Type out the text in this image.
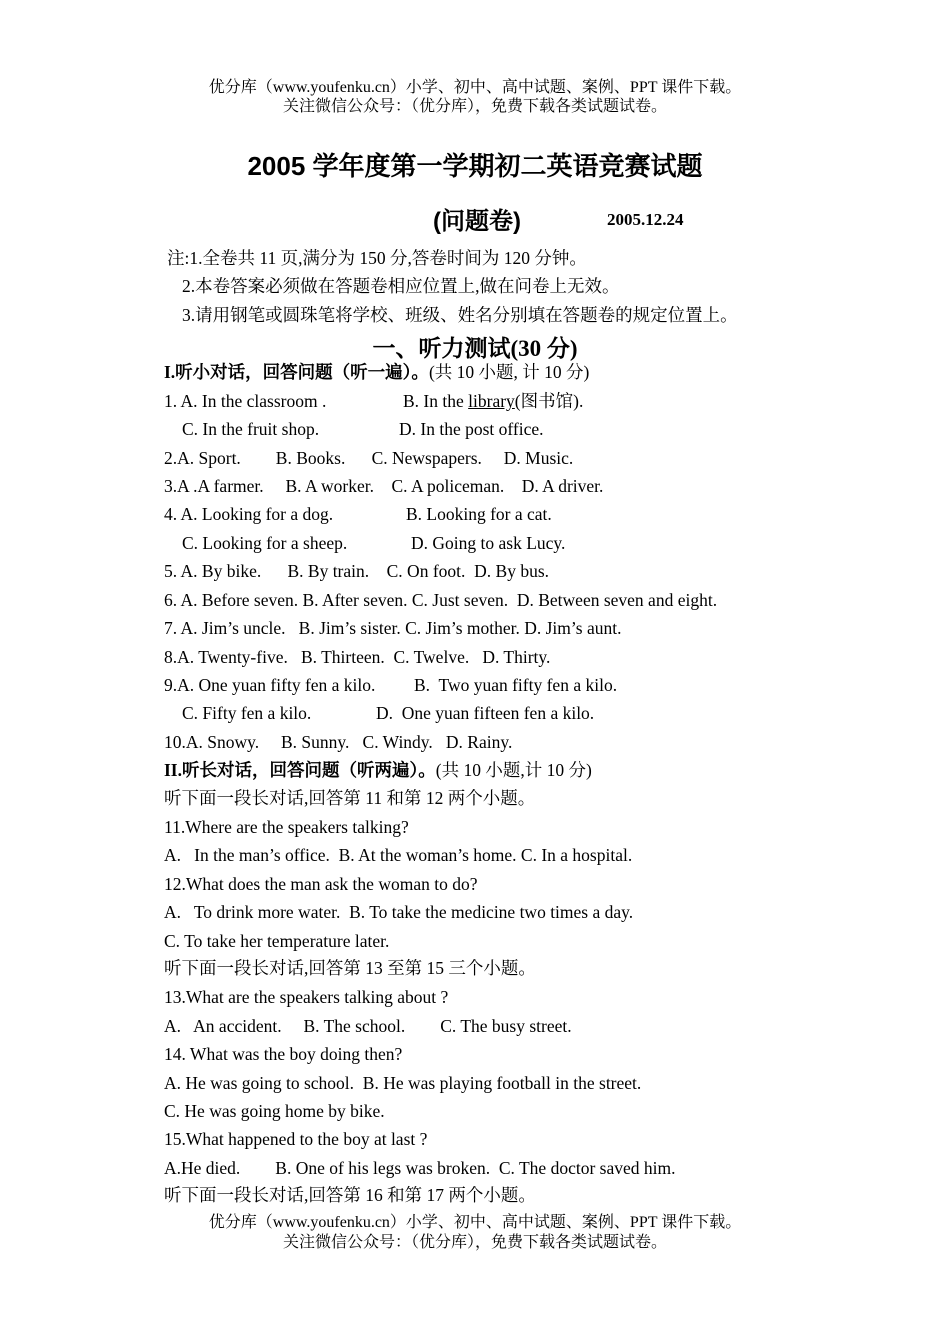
优分库（www.youfenku.cn）小学、初中、高中试题、案例、PPT 课件下载。
关注微信公众号：（优分库），免费下载各类试题试卷。
2005 学年度第一学期初二英语竞赛试题
(问题卷)	2005.12.24
注:1.全卷共 11 页,满分为 150 分,答卷时间为 120 分钟。
2.本卷答案必须做在答题卷相应位置上,做在问卷上无效。
3.请用钢笔或圆珠笔将学校、班级、姓名分别填在答题卷的规定位置上。
一、听力测试(30 分)
I.听小对话，回答问题（听一遍）。(共 10 小题, 计 10 分)
1. A. In the classroom .	B. In the library(图书馆).
C. In the fruit shop.	D. In the post office.
2.A. Sport.        B. Books.      C. Newspapers.     D. Music.
3.A .A farmer.     B. A worker.    C. A policeman.    D. A driver.
4. A. Looking for a dog.	B. Looking for a cat.
C. Looking for a sheep.	D. Going to ask Lucy.
5. A. By bike.      B. By train.    C. On foot.  D. By bus.
6. A. Before seven. B. After seven. C. Just seven.  D. Between seven and eight.
7. A. Jim’s uncle.   B. Jim’s sister. C. Jim’s mother. D. Jim’s aunt.
8.A. Twenty-five.   B. Thirteen.  C. Twelve.   D. Thirty.
9.A. One yuan fifty fen a kilo. B.  Two yuan fifty fen a kilo.
C. Fifty fen a kilo.	D.  One yuan fifteen fen a kilo.
10.A. Snowy.     B. Sunny.   C. Windy.   D. Rainy.
II.听长对话，回答问题（听两遍）。(共 10 小题,计 10 分)
听下面一段长对话,回答第 11 和第 12 两个小题。
11.Where are the speakers talking?
A.   In the man’s office.  B. At the woman’s home. C. In a hospital.
12.What does the man ask the woman to do?
A.   To drink more water.  B. To take the medicine two times a day.
C. To take her temperature later.
听下面一段长对话,回答第 13 至第 15 三个小题。
13.What are the speakers talking about ?
A.   An accident.     B. The school.        C. The busy street.
14. What was the boy doing then?
A. He was going to school.  B. He was playing football in the street.
C. He was going home by bike.
15.What happened to the boy at last ?
A.He died.        B. One of his legs was broken.  C. The doctor saved him.
听下面一段长对话,回答第 16 和第 17 两个小题。
优分库（www.youfenku.cn）小学、初中、高中试题、案例、PPT 课件下载。
关注微信公众号：（优分库），免费下载各类试题试卷。
